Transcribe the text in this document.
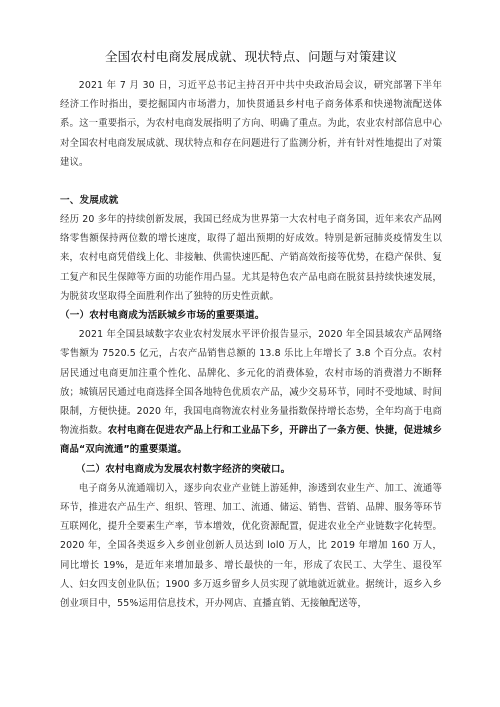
全国农村电商发展成就、现状特点、问题与对策建议

2021 年 7 月 30 日，习近平总书记主持召开中共中央政治局会议，研究部署下半年经济工作时指出，要挖掘国内市场潜力，加快贯通县乡村电子商务体系和快递物流配送体系。这一重要指示，为农村电商发展指明了方向、明确了重点。为此，农业农村部信息中心对全国农村电商发展成就、现状特点和存在问题进行了监测分析，并有针对性地提出了对策建议。

一、发展成就

经历 20 多年的持续创新发展，我国已经成为世界第一大农村电子商务国，近年来农产品网络零售额保持两位数的增长速度，取得了超出预期的好成效。特别是新冠肺炎疫情发生以来，农村电商凭借线上化、非接触、供需快速匹配、产销高效衔接等优势，在稳产保供、复工复产和民生保障等方面的功能作用凸显。尤其是特色农产品电商在脱贫县持续快速发展，为脱贫攻坚取得全面胜利作出了独特的历史性贡献。

（一）农村电商成为活跃城乡市场的重要渠道。

2021 年全国县域数字农业农村发展水平评价报告显示，2020 年全国县域农产品网络零售额为 7520.5 亿元，占农产品销售总额的 13.8 乐比上年增长了 3.8 个百分点。农村居民通过电商更加注重个性化、品牌化、多元化的消费体验，农村市场的消费潜力不断释放；城镇居民通过电商选择全国各地特色优质农产品，减少交易环节，同时不受地域、时间限制，方便快捷。2020 年，我国电商物流农村业务量指数保持增长态势，全年均高于电商物流指数。农村电商在促进农产品上行和工业品下乡，开辟出了一条方便、快捷，促进城乡商品“双向流通”的重要渠道。

（二）农村电商成为发展农村数字经济的突破口。

电子商务从流通端切入，逐步向农业产业链上游延伸，渗透到农业生产、加工、流通等环节，推进农产品生产、组织、管理、加工、流通、储运、销售、营销、品牌、服务等环节互联网化，提升全要素生产率，节本增效，优化资源配置，促进农业全产业链数字化转型。2020 年，全国各类返乡入乡创业创新人员达到 lol0 万人，比 2019 年增加 160 万人，同比增长 19%，是近年来增加最多、增长最快的一年，形成了农民工、大学生、退役军人、妇女四支创业队伍；1900 多万返乡留乡人员实现了就地就近就业。据统计，返乡入乡创业项目中，55%运用信息技术，开办网店、直播直销、无接触配送等，
